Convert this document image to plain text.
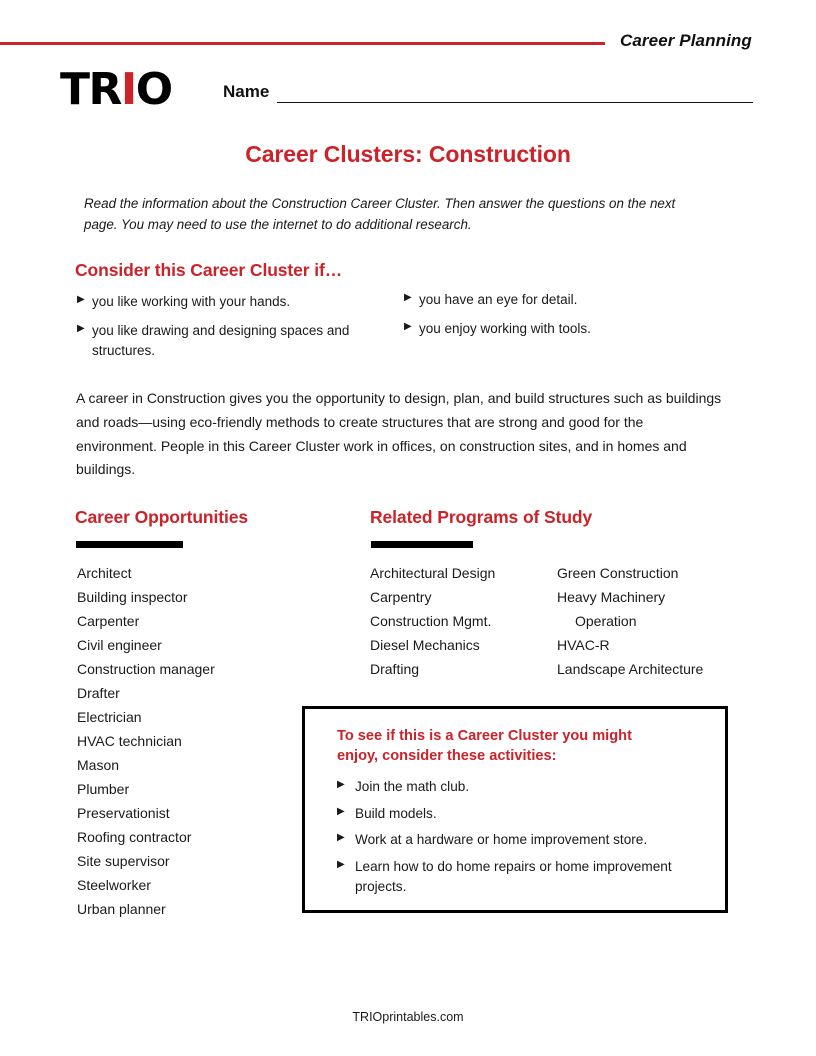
Career Planning
TRIO	Name
Career Clusters: Construction
Read the information about the Construction Career Cluster. Then answer the questions on the next page. You may need to use the internet to do additional research.
Consider this Career Cluster if…
▶ you like working with your hands.
▶ you like drawing and designing spaces and structures.
▶ you have an eye for detail.
▶ you enjoy working with tools.
A career in Construction gives you the opportunity to design, plan, and build structures such as buildings and roads—using eco-friendly methods to create structures that are strong and good for the environment. People in this Career Cluster work in offices, on construction sites, and in homes and buildings.
Career Opportunities	Related Programs of Study
Architect
Building inspector
Carpenter
Civil engineer
Construction manager
Drafter
Electrician
HVAC technician
Mason
Plumber
Preservationist
Roofing contractor
Site supervisor
Steelworker
Urban planner
Architectural Design
Carpentry
Construction Mgmt.
Diesel Mechanics
Drafting
Green Construction
Heavy Machinery
Operation
HVAC-R
Landscape Architecture
To see if this is a Career Cluster you might enjoy, consider these activities:
▶ Join the math club.
▶ Build models.
▶ Work at a hardware or home improvement store.
▶ Learn how to do home repairs or home improvement projects.
TRIOprintables.com
